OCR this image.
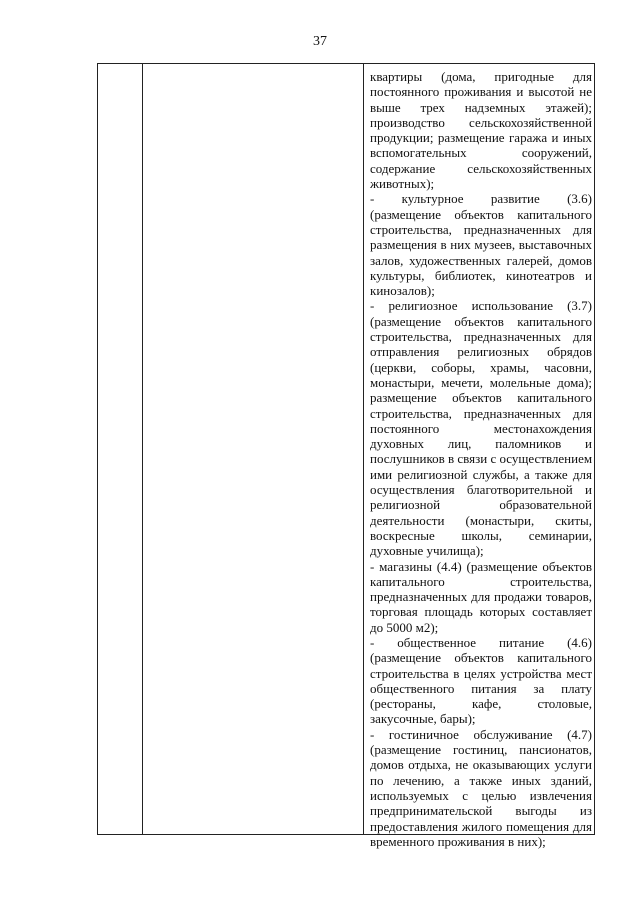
37
квартиры (дома, пригодные для
постоянного проживания и высотой не
выше трех надземных этажей);
производство сельскохозяйственной
продукции; размещение гаража и иных
вспомогательных сооружений,
содержание сельскохозяйственных
животных);
- культурное развитие (3.6)
(размещение объектов капитального
строительства, предназначенных для
размещения в них музеев, выставочных
залов, художественных галерей, домов
культуры, библиотек, кинотеатров и
кинозалов);
- религиозное использование (3.7)
(размещение объектов капитального
строительства, предназначенных для
отправления религиозных обрядов
(церкви, соборы, храмы, часовни,
монастыри, мечети, молельные дома);
размещение объектов капитального
строительства, предназначенных для
постоянного местонахождения
духовных лиц, паломников и
послушников в связи с осуществлением
ими религиозной службы, а также для
осуществления благотворительной и
религиозной образовательной
деятельности (монастыри, скиты,
воскресные школы, семинарии,
духовные училища);
- магазины (4.4) (размещение объектов
капитального строительства,
предназначенных для продажи товаров,
торговая площадь которых составляет
до 5000 м2);
- общественное питание (4.6)
(размещение объектов капитального
строительства в целях устройства мест
общественного питания за плату
(рестораны, кафе, столовые,
закусочные, бары);
- гостиничное обслуживание (4.7)
(размещение гостиниц, пансионатов,
домов отдыха, не оказывающих услуги
по лечению, а также иных зданий,
используемых с целью извлечения
предпринимательской выгоды из
предоставления жилого помещения для
временного проживания в них);
